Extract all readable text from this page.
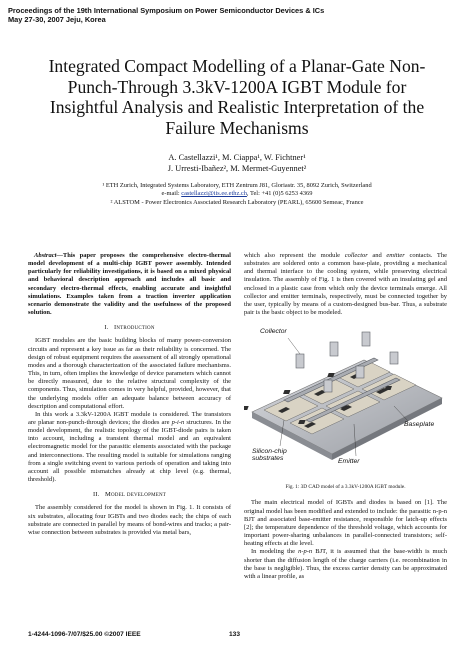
Proceedings of the 19th International Symposium on Power Semiconductor Devices & ICs
May 27-30, 2007 Jeju, Korea
Integrated Compact Modelling of a Planar-Gate Non-
Punch-Through 3.3kV-1200A IGBT Module for
Insightful Analysis and Realistic Interpretation of the
Failure Mechanisms
A. Castellazzi¹, M. Ciappa¹, W. Fichtner¹
J. Urresti-Ibañez², M. Mermet-Guyennet²
¹ ETH Zurich, Integrated Systems Laboratory, ETH Zentrum J81, Gloriastr. 35, 8092 Zurich, Switzerland
e-mail: castellazzi@iis.ee.ethz.ch, Tel: +41 (0)5 6253 4369
² ALSTOM - Power Electronics Associated Research Laboratory (PEARL), 65600 Semeac, France

Abstract—This paper proposes the comprehensive electro-thermal model development of a multi-chip IGBT power assembly. Intended particularly for reliability investigations, it is based on a mixed physical and behavioral description approach and includes all basic and secondary electro-thermal effects, enabling accurate and insightful simulations. Examples taken from a traction inverter application scenario demonstrate the validity and the usefulness of the proposed solution.

I. Introduction

IGBT modules are the basic building blocks of many power-conversion circuits and represent a key issue as far as their reliability is concerned. The design of robust equipment requires the assessment of all strongly operational modes and a thorough characterization of the associated failure mechanisms. This, in turn, often implies the knowledge of device parameters which cannot be directly measured, due to the relative structural complexity of the components. Thus, simulation comes in very helpful, provided, however, that the underlying models offer an adequate balance between accuracy of description and computational effort.

In this work a 3.3kV-1200A IGBT module is considered. The transistors are planar non-punch-through devices; the diodes are p-i-n structures. In the model development, the realistic topology of the IGBT-diode pairs is taken into account, including a transient thermal model and an equivalent electromagnetic model for the parasitic elements associated with the package and interconnections. The resulting model is suitable for simulations ranging from a single switching event to various periods of operation and taking into account all possible mismatches already at chip level (e.g. thermal, threshold).

II. Model development

The assembly considered for the model is shown in Fig. 1. It consists of six substrates, allocating four IGBTs and two diodes each; the chips of each substrate are connected in parallel by means of bond-wires and tracks; a pair-wise connection between substrates is provided via metal bars,

which also represent the module collector and emitter contacts. The substrates are soldered onto a common base-plate, providing a mechanical and thermal interface to the cooling system, while preserving electrical insulation. The assembly of Fig. 1 is then covered with an insulating gel and enclosed in a plastic case from which only the device terminals emerge. All collector and emitter terminals, respectively, must be connected together by the user, typically by means of a custom-designed bus-bar. Thus, a substrate pair is the basic object to be modeled.

Collector
Baseplate
Silicon-chip
substrates	Emitter
Fig. 1: 3D CAD model of a 3.3kV-1200A IGBT module.

The main electrical model of IGBTs and diodes is based on [1]. The original model has been modified and extended to include: the parasitic n-p-n BJT and associated base-emitter resistance, responsible for latch-up effects [2]; the temperature dependence of the threshold voltage, which accounts for important power-sharing unbalances in parallel-connected transistors; self-heating effects at die level.

In modeling the n-p-n BJT, it is assumed that the base-width is much shorter than the diffusion length of the charge carriers (i.e. recombination in the base is negligible). Thus, the excess carrier density can be approximated with a linear profile, as

1-4244-1096-7/07/$25.00 ©2007 IEEE	133
